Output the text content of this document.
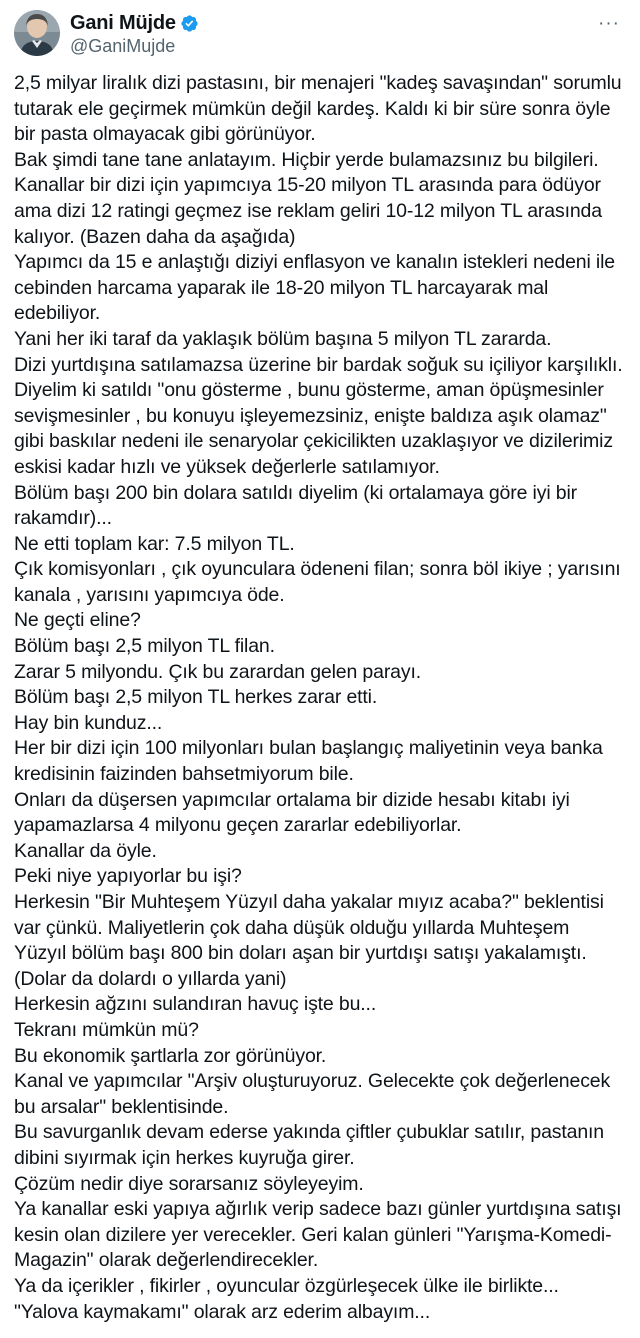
Gani Müjde
@GaniMujde
···

2,5 milyar liralık dizi pastasını, bir menajeri "kadeş savaşından" sorumlu tutarak ele geçirmek mümkün değil kardeş. Kaldı ki bir süre sonra öyle bir pasta olmayacak gibi görünüyor.

Bak şimdi tane tane anlatayım. Hiçbir yerde bulamazsınız bu bilgileri.

Kanallar bir dizi için yapımcıya 15-20 milyon TL arasında para ödüyor ama dizi 12 ratingi geçmez ise reklam geliri 10-12 milyon TL arasında kalıyor. (Bazen daha da aşağıda)

Yapımcı da 15 e anlaştığı diziyi enflasyon ve kanalın istekleri nedeni ile cebinden harcama yaparak ile 18-20 milyon TL harcayarak mal edebiliyor.

Yani her iki taraf da yaklaşık bölüm başına 5 milyon TL zararda.

Dizi yurtdışına satılamazsa üzerine bir bardak soğuk su içiliyor karşılıklı.

Diyelim ki satıldı "onu gösterme , bunu gösterme, aman öpüşmesinler sevişmesinler , bu konuyu işleyemezsiniz, eniştе baldıza aşık olamaz" gibi baskılar nedeni ile senaryolar çekicilikten uzaklaşıyor ve dizilerimiz eskisi kadar hızlı ve yüksek değerlerle satılamıyor.

Bölüm başı 200 bin dolara satıldı diyelim (ki ortalamaya göre iyi bir rakamdır)...

Ne etti toplam kar: 7.5 milyon TL.

Çık komisyonları , çık oyunculara ödeneni filan; sonra böl ikiye ; yarısını kanala , yarısını yapımcıya öde.

Ne geçti eline?

Bölüm başı 2,5 milyon TL filan.

Zarar 5 milyondu. Çık bu zarardan gelen parayı.

Bölüm başı 2,5 milyon TL herkes zarar etti.

Hay bin kunduz...

Her bir dizi için 100 milyonları bulan başlangıç maliyetinin veya banka kredisinin faizinden bahsetmiyorum bile.

Onları da düşersen yapımcılar ortalama bir dizide hesabı kitabı iyi yapamazlarsa 4 milyonu geçen zararlar edebiliyorlar.

Kanallar da öyle.

Peki niye yapıyorlar bu işi?

Herkesin "Bir Muhteşem Yüzyıl daha yakalar mıyız acaba?" beklentisi var çünkü. Maliyetlerin çok daha düşük olduğu yıllarda Muhteşem Yüzyıl bölüm başı 800 bin doları aşan bir yurtdışı satışı yakalamıştı.

(Dolar da dolardı o yıllarda yani)

Herkesin ağzını sulandıran havuç işte bu...

Tekranı mümkün mü?

Bu ekonomik şartlarla zor görünüyor.

Kanal ve yapımcılar "Arşiv oluşturuyoruz. Gelecekte çok değerlenecek bu arsalar" beklentisinde.

Bu savurganlık devam ederse yakında çiftler çubuklar satılır, pastanın dibini sıyırmak için herkes kuyruğa girer.

Çözüm nedir diye sorarsanız söyleyeyim.

Ya kanallar eski yapıya ağırlık verip sadece bazı günler yurtdışına satışı kesin olan dizilere yer verecekler. Geri kalan günleri "Yarışma-Komedi-Magazin" olarak değerlendirecekler.

Ya da içerikler , fikirler , oyuncular özgürleşecek ülke ile birlikte...

"Yalova kaymakamı" olarak arz ederim albayım...
